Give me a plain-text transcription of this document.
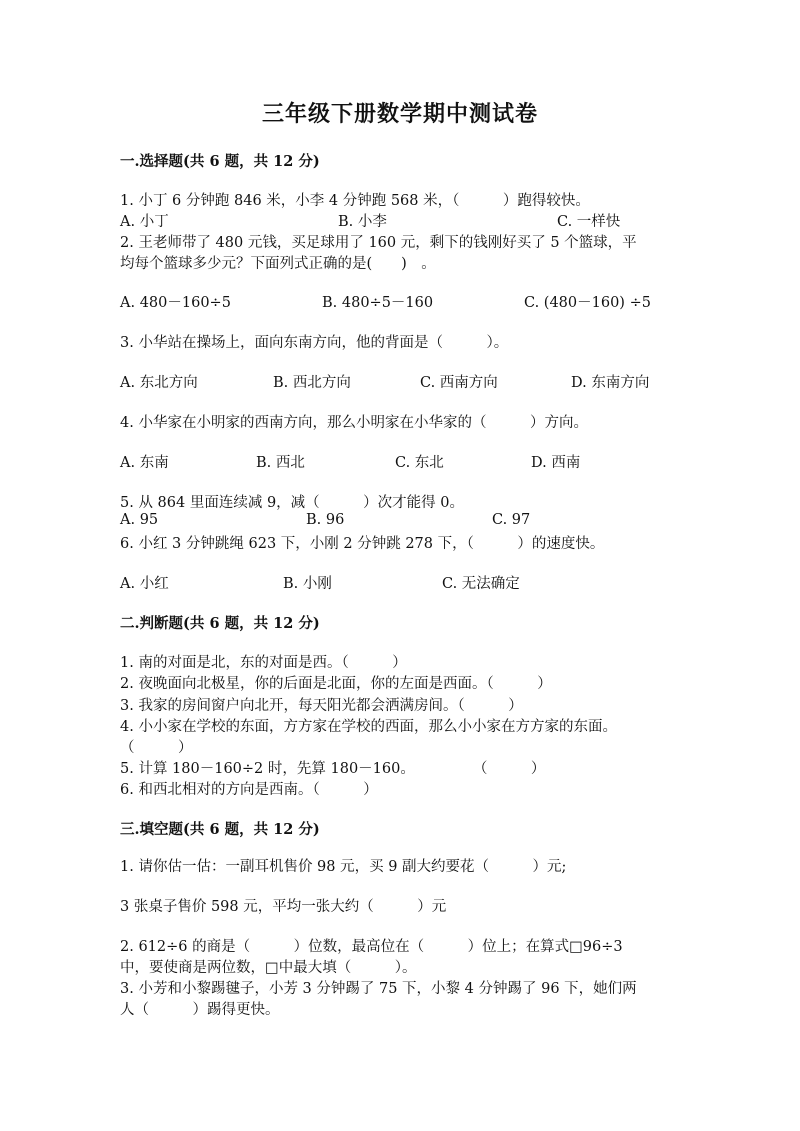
三年级下册数学期中测试卷
一.选择题(共 6 题，共 12 分)
1. 小丁 6 分钟跑 846 米，小李 4 分钟跑 568 米，（　　　）跑得较快。
A. 小丁	B. 小李	C. 一样快
2. 王老师带了 480 元钱，买足球用了 160 元，剩下的钱刚好买了 5 个篮球，平
均每个篮球多少元？下面列式正确的是(　　)　。
A. 480－160÷5	B. 480÷5－160	C. (480－160) ÷5
3. 小华站在操场上，面向东南方向，他的背面是（　　　）。
A. 东北方向	B. 西北方向	C. 西南方向	D. 东南方向
4. 小华家在小明家的西南方向，那么小明家在小华家的（　　　）方向。
A. 东南	B. 西北	C. 东北	D. 西南
5. 从 864 里面连续减 9，减（　　　）次才能得 0。
A. 95	B. 96	C. 97
6. 小红 3 分钟跳绳 623 下，小刚 2 分钟跳 278 下，（　　　）的速度快。
A. 小红	B. 小刚	C. 无法确定
二.判断题(共 6 题，共 12 分)
1. 南的对面是北，东的对面是西。（　　　）
2. 夜晚面向北极星，你的后面是北面，你的左面是西面。（　　　）
3. 我家的房间窗户向北开，每天阳光都会洒满房间。（　　　）
4. 小小家在学校的东面，方方家在学校的西面，那么小小家在方方家的东面。
（　　　）
5. 计算 180－160÷2 时，先算 180－160。　　　　　（　　　）
6. 和西北相对的方向是西南。（　　　）
三.填空题(共 6 题，共 12 分)
1. 请你估一估：一副耳机售价 98 元，买 9 副大约要花（　　　）元;
3 张桌子售价 598 元，平均一张大约（　　　）元
2. 612÷6 的商是（　　　）位数，最高位在（　　　）位上；在算式□96÷3
中，要使商是两位数，□中最大填（　　　）。
3. 小芳和小黎踢毽子，小芳 3 分钟踢了 75 下，小黎 4 分钟踢了 96 下，她们两
人（　　　）踢得更快。
